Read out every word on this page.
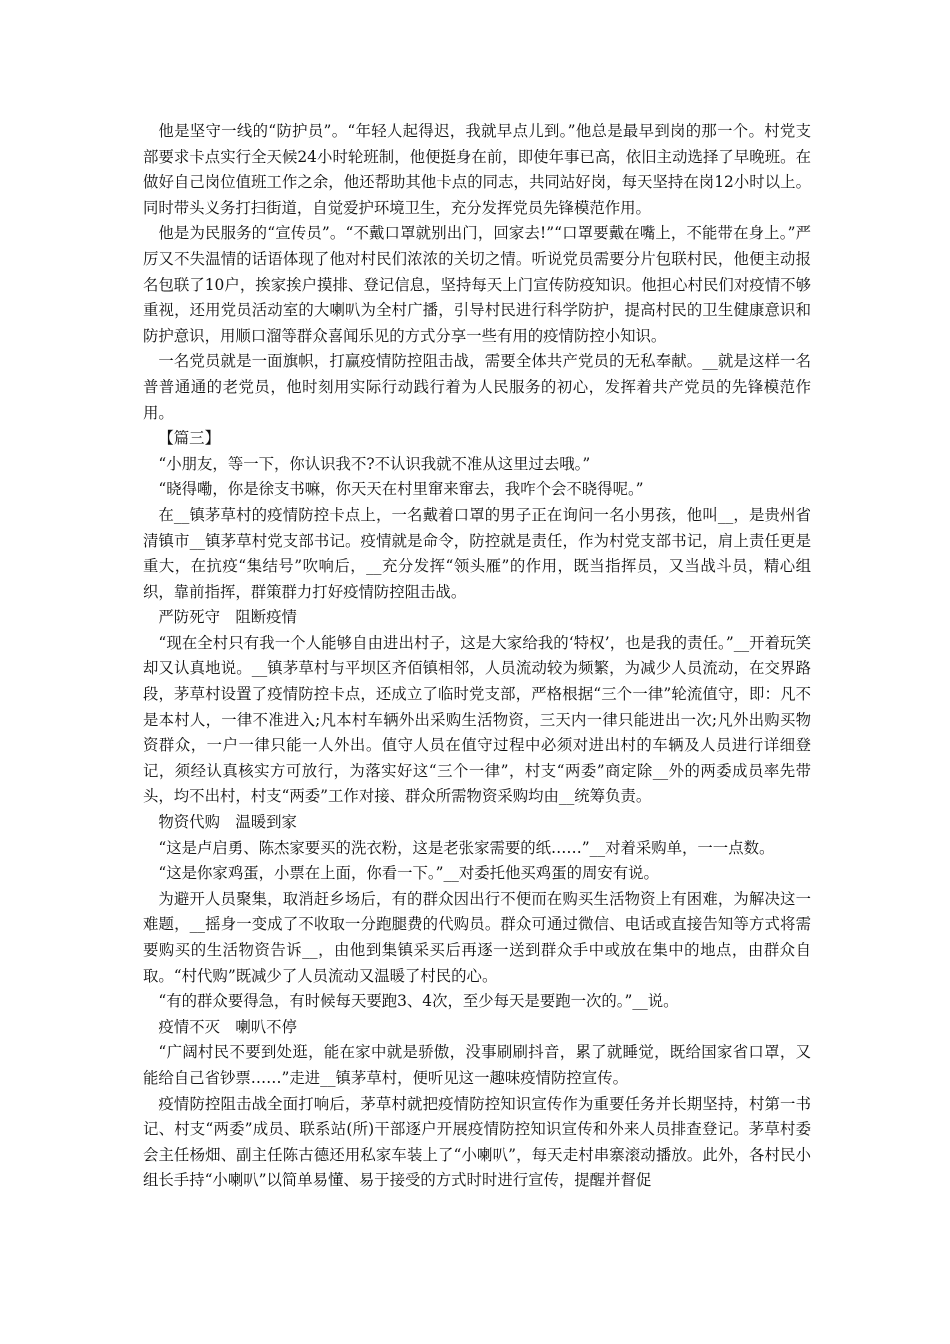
他是坚守一线的“防护员”。“年轻人起得迟，我就早点儿到。”他总是最早到岗的那一个。村党支部要求卡点实行全天候24小时轮班制，他便挺身在前，即使年事已高，依旧主动选择了早晚班。在做好自己岗位值班工作之余，他还帮助其他卡点的同志，共同站好岗，每天坚持在岗12小时以上。同时带头义务打扫街道，自觉爱护环境卫生，充分发挥党员先锋模范作用。

他是为民服务的“宣传员”。“不戴口罩就别出门，回家去!”“口罩要戴在嘴上，不能带在身上。”严厉又不失温情的话语体现了他对村民们浓浓的关切之情。听说党员需要分片包联村民，他便主动报名包联了10户，挨家挨户摸排、登记信息，坚持每天上门宣传防疫知识。他担心村民们对疫情不够重视，还用党员活动室的大喇叭为全村广播，引导村民进行科学防护，提高村民的卫生健康意识和防护意识，用顺口溜等群众喜闻乐见的方式分享一些有用的疫情防控小知识。

一名党员就是一面旗帜，打赢疫情防控阻击战，需要全体共产党员的无私奉献。__就是这样一名普普通通的老党员，他时刻用实际行动践行着为人民服务的初心，发挥着共产党员的先锋模范作用。

【篇三】

“小朋友，等一下，你认识我不?不认识我就不准从这里过去哦。”

“晓得嘞，你是徐支书嘛，你天天在村里窜来窜去，我咋个会不晓得呢。”

在__镇茅草村的疫情防控卡点上，一名戴着口罩的男子正在询问一名小男孩，他叫__，是贵州省清镇市__镇茅草村党支部书记。疫情就是命令，防控就是责任，作为村党支部书记，肩上责任更是重大，在抗疫“集结号”吹响后，__充分发挥“领头雁”的作用，既当指挥员，又当战斗员，精心组织，靠前指挥，群策群力打好疫情防控阻击战。

严防死守　阻断疫情

“现在全村只有我一个人能够自由进出村子，这是大家给我的‘特权’，也是我的责任。”__开着玩笑却又认真地说。__镇茅草村与平坝区齐佰镇相邻，人员流动较为频繁，为减少人员流动，在交界路段，茅草村设置了疫情防控卡点，还成立了临时党支部，严格根据“三个一律”轮流值守，即：凡不是本村人，一律不准进入;凡本村车辆外出采购生活物资，三天内一律只能进出一次;凡外出购买物资群众，一户一律只能一人外出。值守人员在值守过程中必须对进出村的车辆及人员进行详细登记，须经认真核实方可放行，为落实好这“三个一律”，村支“两委”商定除__外的两委成员率先带头，均不出村，村支“两委”工作对接、群众所需物资采购均由__统筹负责。

物资代购　温暖到家

“这是卢启勇、陈杰家要买的洗衣粉，这是老张家需要的纸……”__对着采购单，一一点数。

“这是你家鸡蛋，小票在上面，你看一下。”__对委托他买鸡蛋的周安有说。

为避开人员聚集，取消赶乡场后，有的群众因出行不便而在购买生活物资上有困难，为解决这一难题，__摇身一变成了不收取一分跑腿费的代购员。群众可通过微信、电话或直接告知等方式将需要购买的生活物资告诉__，由他到集镇采买后再逐一送到群众手中或放在集中的地点，由群众自取。“村代购”既减少了人员流动又温暖了村民的心。

“有的群众要得急，有时候每天要跑3、4次，至少每天是要跑一次的。”__说。

疫情不灭　喇叭不停

“广阔村民不要到处逛，能在家中就是骄傲，没事刷刷抖音，累了就睡觉，既给国家省口罩，又能给自己省钞票……”走进__镇茅草村，便听见这一趣味疫情防控宣传。

疫情防控阻击战全面打响后，茅草村就把疫情防控知识宣传作为重要任务并长期坚持，村第一书记、村支“两委”成员、联系站(所)干部逐户开展疫情防控知识宣传和外来人员排查登记。茅草村委会主任杨畑、副主任陈古德还用私家车装上了“小喇叭”，每天走村串寨滚动播放。此外，各村民小组长手持“小喇叭”以简单易懂、易于接受的方式时时进行宣传，提醒并督促
